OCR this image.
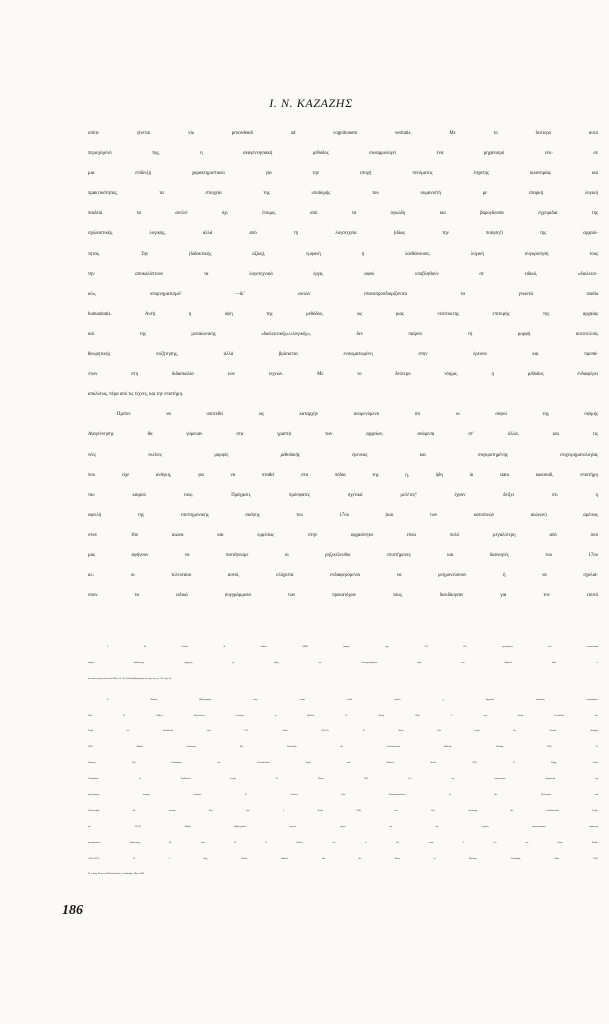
Ι. Ν. ΚΑΖΑΖΗΣ
οπότε γίνεται via procedendi ad cognitionem veritatis. Με το δεύτερο αυτό
περιεχόμενό της, η αναγεννησιακή μέθοδος συναρμολογεί ένα μηχανισμό νέο· σε
μια επίδειξη χαρακτηριστικού για την εποχή πνεύματος έσχατης οικονομίας και
πρακτικότητας, τα στοιχεία της υποδομής του ουμανιστή με επαρκή λογική
παιδεία τα αντλεί όχι έτοιμα, από τα ογκώδη και βαρύγδουπα εγχειρίδια της
σχολαστικής λογικής, αλλά από τη λογοτεχνία (ιδίως την ποίηση!) της αρχαιό-
τητας. Την (διδακτικής αξίας), εμφανή ή λανθάνουσα, λογική συγκρότησή τους
την αποκαλύπτουν τα λογοτεχνικά έργα, αφού υποβληθούν σε ειδικό, «διαλεκτι-
κό», υπομνηματισμό$^5$ —δι’ αυτών επαναπροσδιορίζονται τα γνωστά studia
humanitatis. Αυτή η όψη της μεθόδου, ως μιας νεότευκτης επιτομής της αρχαίας
και της μεσαιωνικής «διαλεκτικής»/«λογικής», δεν παίρνει τη μορφή αυτοτελούς
θεωρητικής συζήτησης, αλλά βρίσκεται ενσωματωμένη στην έρευνα και προπά-
ντων στη διδασκαλία των τεχνών. Με το δεύτερο νόημα, η μέθοδος ενδιαφέρει
απολύτως, πέρα από τις τέχνες, και την επιστήμη.
Πρέπει να υποτεθεί ως καταρχήν αναμενόμενο ότι οι σοφοί της όψιμης
Αναγέννησης θα γύρευαν στα γραπτά των αρχαίων, ανάμεσα στ’ άλλα, και τις
νέες εκείνες μορφές μεθοδικής έρευνας και συγκροτημένης επιχειρηματολογίας
που είχε ανάγκη, για να σταθεί στα πόδια της η, ήδη in statu nascendi, επιστήμη
του καιρού τους. Πράγματι, πρόσφατες σχετικά μελέτες$^6$ έχουν δείξει ότι η
οφειλή της επιστημονικής σκέψης του 17ου (και των κατοπινών αιώνων) αμέσως
στον 16ο αιώνα και εμμέσως στην αρχαιότητα είναι πολύ μεγαλύτερη από όσο
μας αφήνουν να πιστέψουμε οι ρηξικέλευθοι επιστήμονες και διανοητές του 17ου
αι.: οι τελευταίοι αυτοί, ελάχιστα ενδιαφερόμενοι να μνημονεύσουν ή να σχολιά-
σουν τα ειδικά συγγράμματα των προκατόχων τους, διεκδίκησαν για τον εαυτό
5.	Οι Grafton & Jardine (1986) [παρακ. σημ. 29] 178, προσφέρουν ένα εντυπωσιακό
δείγμα διαλεκτικής εξήγησης με βάση τον πολυσχολιασμένο στίχο του Οράτιου dulce et
decorum est pro patria mori (Ωδές 3.2.13). Ειδική βιβλιογραφία στο έργο τους, σ. 135, σημ. 54.
6.	Βασική βιβλιογραφία, στην οποία πολλά οφείλει η παρούσα συνθετική παρουσίαση:
Neal W. Gilbert, Renaissance Concepts of Method, Ν. Υόρκη 1960, C. von Prantl, Geschichte der
Logik im Abendlande, τόμ. I-IV, Λιψία 1855-70, W. Risse, Die Logik der Neuzeit, Stuttgart
1963. Martin Grabmann, Die Geschichte der Scholastischen Methode, Freiburg 1909, Fr.
Solmsen, Die Entstehung der Aristotelischen Logik und Rhetorik, Berlin 1929, E. Kapp, Greek
Foundations of Traditional Logik, Ν. Υόρκη 1952. Για την ουμανιστική εξάρθρωση της
σχολαστικής λογικής, κλασικό: E. Cassirer, Das Erkenntnisproblem in der Philosophie und
Wissenschaft der neueren Zeit, τόμ. I, Berlin 1906, κεφ. Die Auflösung der scholastischen Logik,
σσ. 122-47. Μικρή βιβλιογραφία πρώτων πηγών για την μεγάλη αναγεννησιακή παραγωγή
συστηματικών διαλεκτικής βλ. στον N. G. Gilbert, ό.π., σ. 121, υποσ. 2. Για τον Petrus Ramus
(1515-1572): W. J. Ong, Ramus, Method, and the Decay of Dialogue, Cambridge, Mass. 1958,
W. J. Ong, Ramus and Talon Inventory, Cambridge, Mass. 1958.
186
